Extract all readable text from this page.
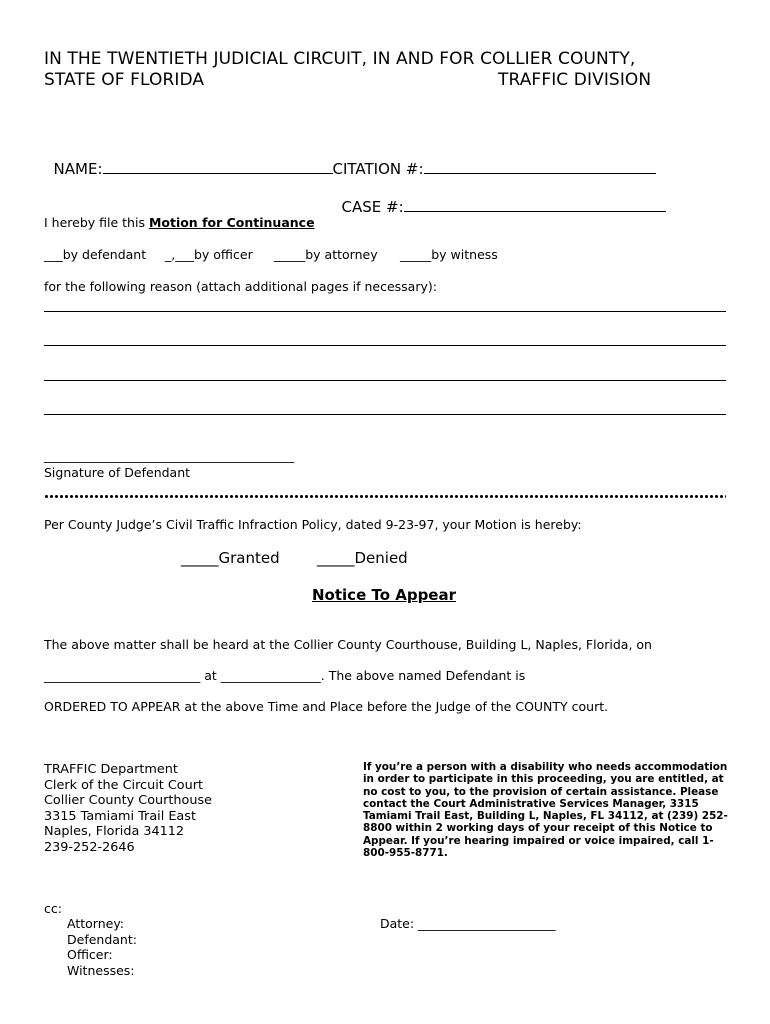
IN THE TWENTIETH JUDICIAL CIRCUIT, IN AND FOR COLLIER COUNTY,
STATE OF FLORIDA	TRAFFIC DIVISION

NAME:	CITATION #:

CASE #:

I hereby file this Motion for Continuance
___by defendant _,___by officer _____by attorney _____by witness
for the following reason (attach additional pages if necessary):
________________________________________
Signature of Defendant
Per County Judge’s Civil Traffic Infraction Policy, dated 9-23-97, your Motion is hereby:
_____Granted _____Denied
Notice To Appear
The above matter shall be heard at the Collier County Courthouse, Building L, Naples, Florida, on
_________________________ at ________________. The above named Defendant is
ORDERED TO APPEAR at the above Time and Place before the Judge of the COUNTY court.
TRAFFIC Department
Clerk of the Circuit Court
Collier County Courthouse
3315 Tamiami Trail East
Naples, Florida 34112
239-252-2646
If you’re a person with a disability who needs accommodation in order to participate in this proceeding, you are entitled, at no cost to you, to the provision of certain assistance. Please contact the Court Administrative Services Manager, 3315 Tamiami Trail East, Building L, Naples, FL 34112, at (239) 252-8800 within 2 working days of your receipt of this Notice to Appear. If you’re hearing impaired or voice impaired, call 1-800-955-8771.
cc:
Attorney:
Defendant:
Officer:
Witnesses:
Date: ______________________
